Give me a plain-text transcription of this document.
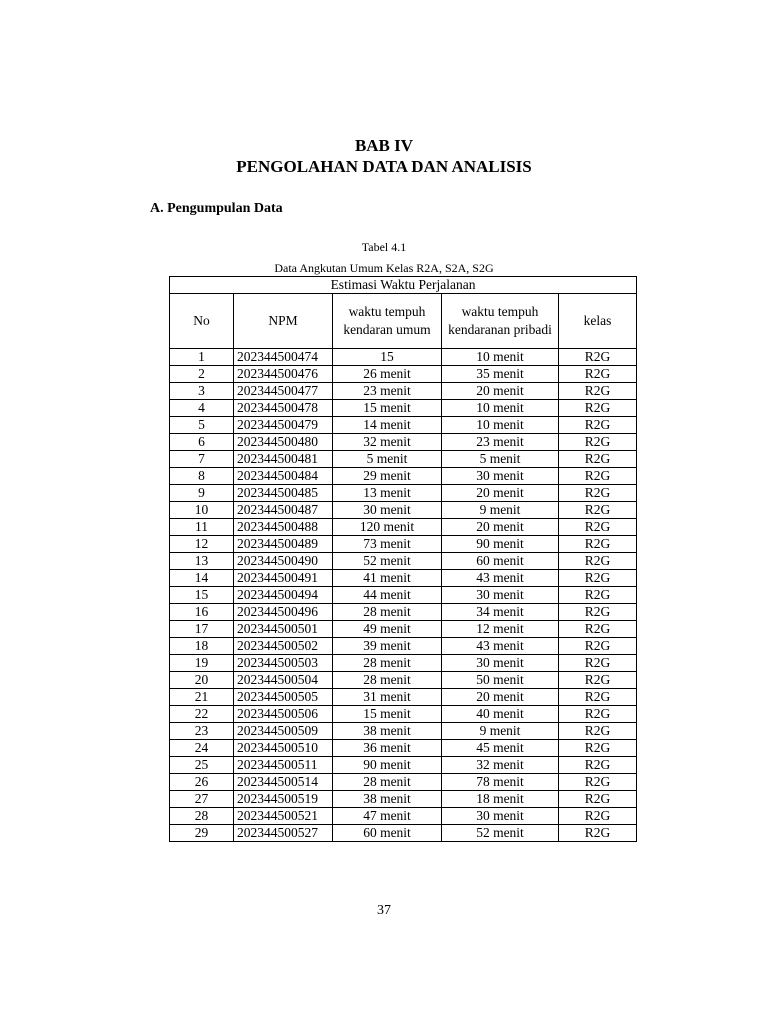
BAB IV
PENGOLAHAN DATA DAN ANALISIS
A. Pengumpulan Data
Tabel 4.1
Data Angkutan Umum Kelas R2A, S2A, S2G
Estimasi Waktu Perjalanan				
No	NPM	waktu tempuh kendaran umum	waktu tempuh kendaranan pribadi	kelas
1	202344500474	15	10 menit	R2G
2	202344500476	26 menit	35 menit	R2G
3	202344500477	23 menit	20 menit	R2G
4	202344500478	15 menit	10 menit	R2G
5	202344500479	14 menit	10 menit	R2G
6	202344500480	32 menit	23 menit	R2G
7	202344500481	5 menit	5 menit	R2G
8	202344500484	29 menit	30 menit	R2G
9	202344500485	13 menit	20 menit	R2G
10	202344500487	30 menit	9 menit	R2G
11	202344500488	120 menit	20 menit	R2G
12	202344500489	73 menit	90 menit	R2G
13	202344500490	52 menit	60 menit	R2G
14	202344500491	41 menit	43 menit	R2G
15	202344500494	44 menit	30 menit	R2G
16	202344500496	28 menit	34 menit	R2G
17	202344500501	49 menit	12 menit	R2G
18	202344500502	39 menit	43 menit	R2G
19	202344500503	28 menit	30 menit	R2G
20	202344500504	28 menit	50 menit	R2G
21	202344500505	31 menit	20 menit	R2G
22	202344500506	15 menit	40 menit	R2G
23	202344500509	38 menit	9 menit	R2G
24	202344500510	36 menit	45 menit	R2G
25	202344500511	90 menit	32 menit	R2G
26	202344500514	28 menit	78 menit	R2G
27	202344500519	38 menit	18 menit	R2G
28	202344500521	47 menit	30 menit	R2G
29	202344500527	60 menit	52 menit	R2G
37
